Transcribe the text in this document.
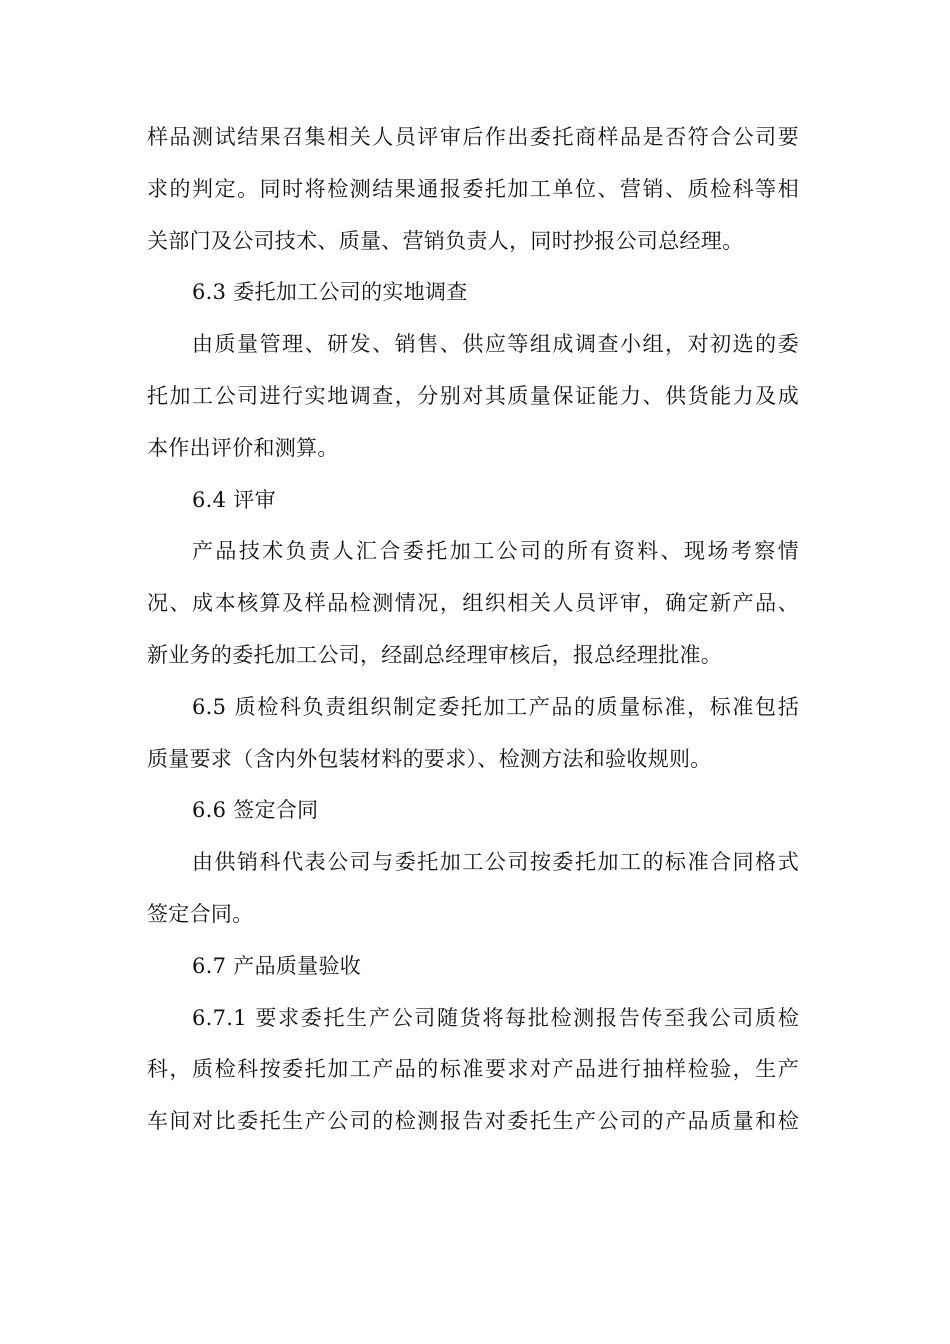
样品测试结果召集相关人员评审后作出委托商样品是否符合公司要
求的判定。同时将检测结果通报委托加工单位、营销、质检科等相
关部门及公司技术、质量、营销负责人，同时抄报公司总经理。
6.3 委托加工公司的实地调查
由质量管理、研发、销售、供应等组成调查小组，对初选的委
托加工公司进行实地调查，分别对其质量保证能力、供货能力及成
本作出评价和测算。
6.4 评审
产品技术负责人汇合委托加工公司的所有资料、现场考察情
况、成本核算及样品检测情况，组织相关人员评审，确定新产品、
新业务的委托加工公司，经副总经理审核后，报总经理批准。
6.5 质检科负责组织制定委托加工产品的质量标准，标准包括
质量要求（含内外包装材料的要求）、检测方法和验收规则。
6.6 签定合同
由供销科代表公司与委托加工公司按委托加工的标准合同格式
签定合同。
6.7 产品质量验收
6.7.1 要求委托生产公司随货将每批检测报告传至我公司质检
科，质检科按委托加工产品的标准要求对产品进行抽样检验，生产
车间对比委托生产公司的检测报告对委托生产公司的产品质量和检
